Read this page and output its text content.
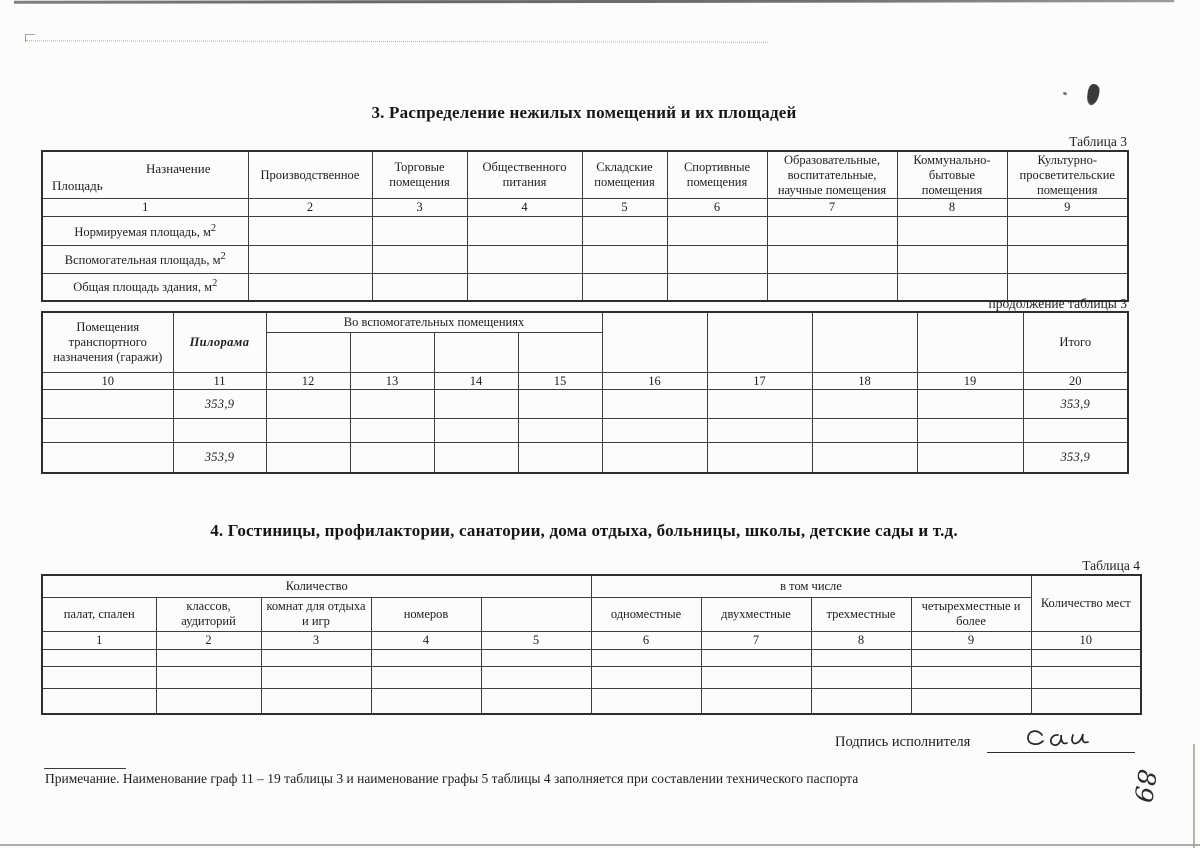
3. Распределение нежилых помещений и их площадей
Таблица 3
Назначение
Площадь	Производственное	Торговые помещения	Общественного питания	Складские помещения	Спортивные помещения	Образовательные, воспитательные, научные помещения	Коммунально-бытовые помещения	Культурно-просветительские помещения
1	2	3	4	5	6	7	8	9
Нормируемая площадь, $м^2$								
Вспомогательная площадь, $м^2$								
Общая площадь здания, $м^2$								
продолжение таблицы 3
Помещения транспортного назначения (гаражи)	Пилорама	Во вспомогательных помещениях								Итого

10	11	12	13	14	15	16	17	18	19	20
	353,9									353,9

	353,9									353,9
4. Гостиницы, профилактории, санатории, дома отдыха, больницы, школы, детские сады и т.д.
Таблица 4
Количество					в том числе				Количество мест
палат, спален	классов, аудиторий	комнат для отдыха и игр	номеров		одноместные	двухместные	трехместные	четырехместные и более	
1	2	3	4	5	6	7	8	9	10

Подпись исполнителя
Примечание. Наименование граф 11 – 19 таблицы 3 и наименование графы 5 таблицы 4 заполняется при составлении технического паспорта	89
